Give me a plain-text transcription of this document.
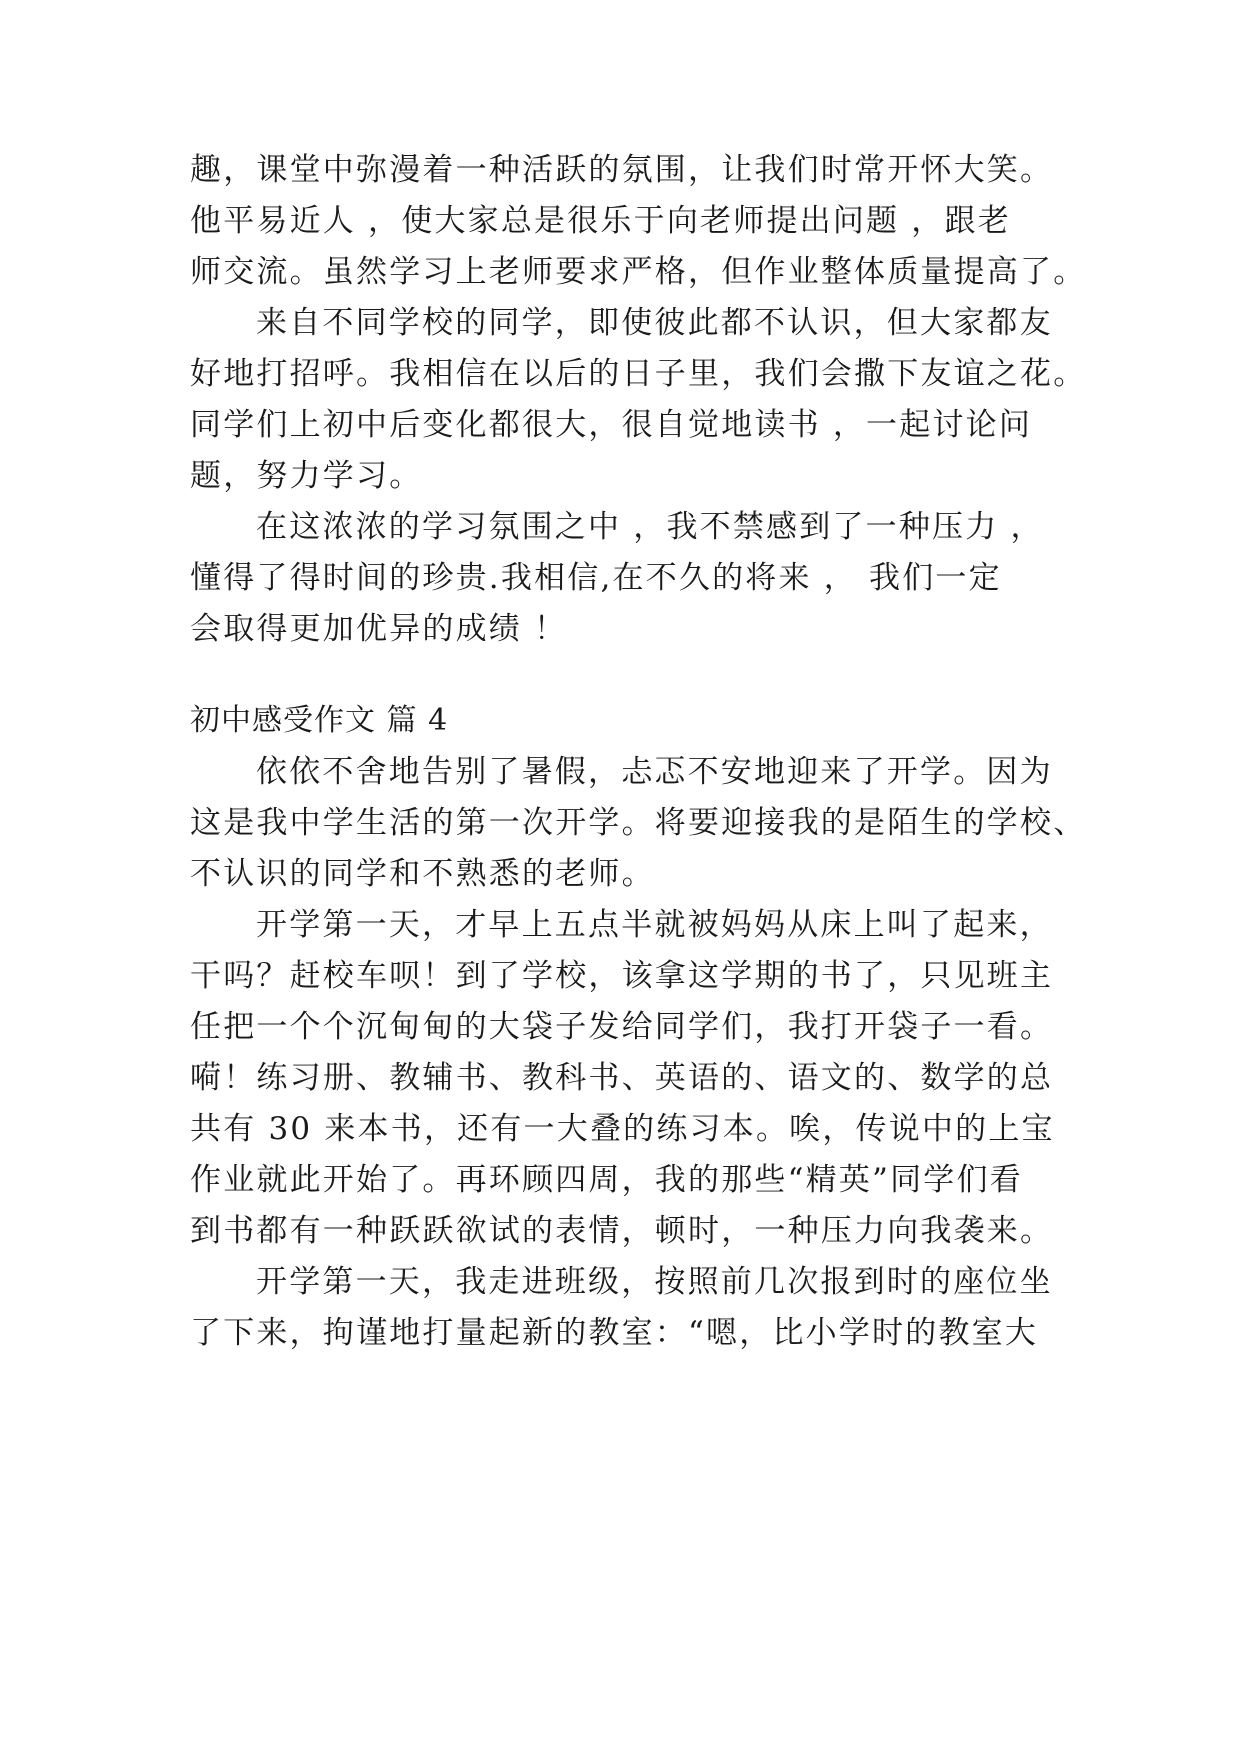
趣，课堂中弥漫着一种活跃的氛围，让我们时常开怀大笑。
他平易近人 ，使大家总是很乐于向老师提出问题 ，跟老
师交流。虽然学习上老师要求严格，但作业整体质量提高了。
来自不同学校的同学，即使彼此都不认识，但大家都友
好地打招呼。我相信在以后的日子里，我们会撒下友谊之花。
同学们上初中后变化都很大，很自觉地读书 ，一起讨论问
题，努力学习。
在这浓浓的学习氛围之中 ，我不禁感到了一种压力 ，
懂得了得时间的珍贵.我相信,在不久的将来 ， 我们一定
会取得更加优异的成绩 ！
初中感受作文 篇 4
依依不舍地告别了暑假，忐忑不安地迎来了开学。因为
这是我中学生活的第一次开学。将要迎接我的是陌生的学校、
不认识的同学和不熟悉的老师。
开学第一天，才早上五点半就被妈妈从床上叫了起来，
干吗？赶校车呗！到了学校，该拿这学期的书了，只见班主
任把一个个沉甸甸的大袋子发给同学们，我打开袋子一看。
嗬！练习册、教辅书、教科书、英语的、语文的、数学的总
共有 30 来本书，还有一大叠的练习本。唉，传说中的上宝
作业就此开始了。再环顾四周，我的那些“精英”同学们看
到书都有一种跃跃欲试的表情，顿时，一种压力向我袭来。
开学第一天，我走进班级，按照前几次报到时的座位坐
了下来，拘谨地打量起新的教室：“嗯，比小学时的教室大
